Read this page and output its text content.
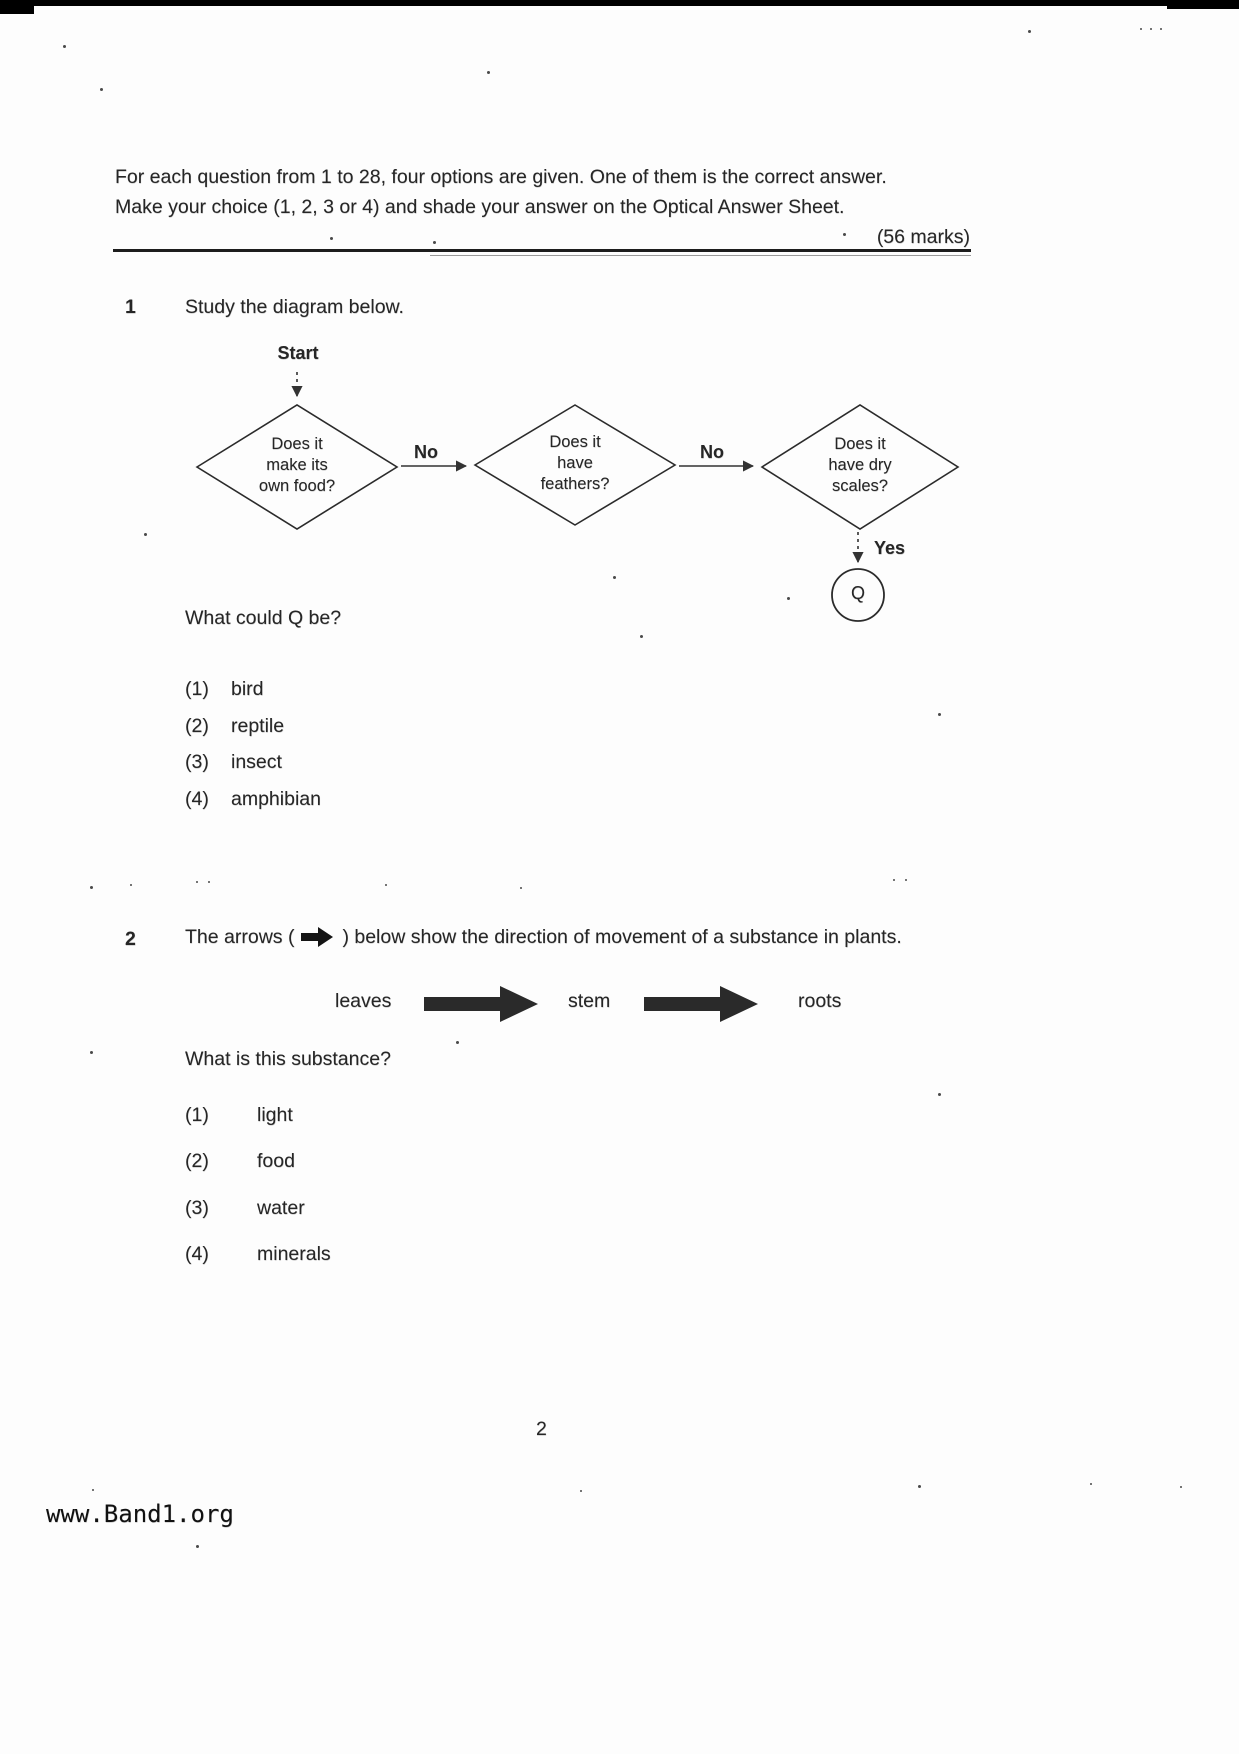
For each question from 1 to 28, four options are given. One of them is the correct answer.
Make your choice (1, 2, 3 or 4) and shade your answer on the Optical Answer Sheet.
(56 marks)
1	Study the diagram below.
Start
Does it
make its
own food?
No	Does it
have
feathers?
No	Does it
have dry
scales?
Yes
Q
What could Q be?
(1)	bird
(2)	reptile
(3)	insect
(4)	amphibian
2	The arrows ( ) below show the direction of movement of a substance in plants.
leaves	stem	roots
What is this substance?
(1)	light
(2)	food
(3)	water
(4)	minerals
2
www.Band1.org
